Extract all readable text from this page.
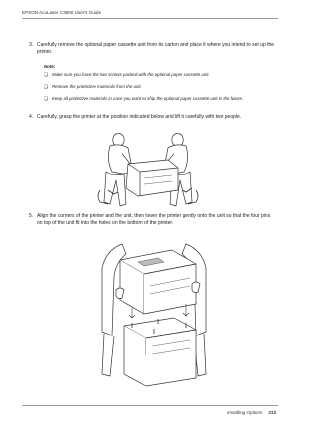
EPSON AcuLaser C3800 User's Guide
3. Carefully remove the optional paper cassette unit from its carton and place it where you intend to set up the printer.
Note:
❑ Make sure you have the two screws packed with the optional paper cassette unit.
❑ Remove the protective materials from the unit.
❑ Keep all protective materials in case you want to ship the optional paper cassette unit in the future.
4. Carefully, grasp the printer at the position indicated below and lift it carefully with two people.
5. Align the corners of the printer and the unit, then lower the printer gently onto the unit so that the four pins on top of the unit fit into the holes on the bottom of the printer.
Installing Options 213
